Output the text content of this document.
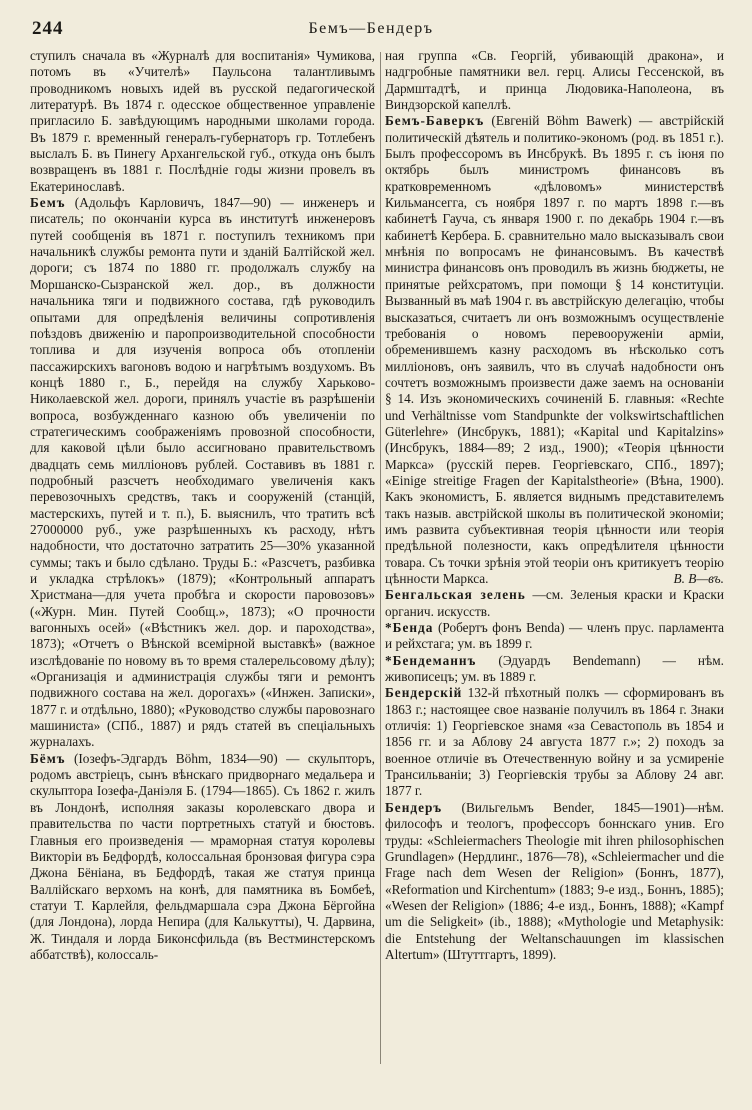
244	Бемъ—Бендеръ

ступилъ сначала въ «Журналѣ для воспитанія» Чумикова, потомъ въ «Учителѣ» Паульсона талантливымъ проводникомъ новыхъ идей въ русской педагогической литературѣ. Въ 1874 г. одесское общественное управленіе пригласило Б. завѣдующимъ народными школами города. Въ 1879 г. временный генералъ-губернаторъ гр. Тотлебенъ выслалъ Б. въ Пинегу Архангельской губ., откуда онъ былъ возвращенъ въ 1881 г. Послѣдніе годы жизни провелъ въ Екатеринославѣ.

Бемъ (Адольфъ Карловичъ, 1847—90) — инженеръ и писатель; по окончаніи курса въ институтѣ инженеровъ путей сообщенія въ 1871 г. поступилъ техникомъ при начальникѣ службы ремонта пути и зданій Балтійской жел. дороги; съ 1874 по 1880 гг. продолжалъ службу на Моршанско-Сызранской жел. дор., въ должности начальника тяги и подвижного состава, гдѣ руководилъ опытами для опредѣленія величины сопротивленія поѣздовъ движенію и паропроизводительной способности топлива и для изученія вопроса объ отопленіи пассажирскихъ вагоновъ водою и нагрѣтымъ воздухомъ. Въ концѣ 1880 г., Б., перейдя на службу Харьково-Николаевской жел. дороги, принялъ участіе въ разрѣшеніи вопроса, возбужденнаго казною объ увеличеніи по стратегическимъ соображеніямъ провозной способности, для каковой цѣли было ассигновано правительствомъ двадцать семь милліоновъ рублей. Составивъ въ 1881 г. подробный разсчетъ необходимаго увеличенія какъ перевозочныхъ средствъ, такъ и сооруженій (станцій, мастерскихъ, путей и т. п.), Б. выяснилъ, что тратить всѣ 27000000 руб., уже разрѣшенныхъ къ расходу, нѣтъ надобности, что достаточно затратить 25—30% указанной суммы; такъ и было сдѣлано. Труды Б.: «Разсчетъ, разбивка и укладка стрѣлокъ» (1879); «Контрольный аппаратъ Христмана—для учета пробѣга и скорости паровозовъ» («Журн. Мин. Путей Сообщ.», 1873); «О прочности вагонныхъ осей» («Вѣстникъ жел. дор. и пароходства», 1873); «Отчетъ о Вѣнской всемірной выставкѣ» (важное изслѣдованіе по новому въ то время сталерельсовому дѣлу); «Организація и администрація службы тяги и ремонтъ подвижного состава на жел. дорогахъ» («Инжен. Записки», 1877 г. и отдѣльно, 1880); «Руководство службы паровознаго машиниста» (СПб., 1887) и рядъ статей въ спеціальныхъ журналахъ.

Бёмъ (Іозефъ-Эдгардъ Böhm, 1834—90) — скульпторъ, родомъ австріецъ, сынъ вѣнскаго придворнаго медальера и скульптора Іозефа-Даніэля Б. (1794—1865). Съ 1862 г. жилъ въ Лондонѣ, исполняя заказы королевскаго двора и правительства по части портретныхъ статуй и бюстовъ. Главныя его произведенія — мраморная статуя королевы Викторіи въ Бедфордѣ, колоссальная бронзовая фигура сэра Джона Бёніана, въ Бедфордѣ, такая же статуя принца Валлійскаго верхомъ на конѣ, для памятника въ Бомбеѣ, статуи Т. Карлейля, фельдмаршала сэра Джона Бёргойна (для Лондона), лорда Непира (для Калькутты), Ч. Дарвина, Ж. Тиндаля и лорда Биконсфильда (въ Вестминстерскомъ аббатствѣ), колоссаль-

ная группа «Св. Георгій, убивающій дракона», и надгробные памятники вел. герц. Алисы Гессенской, въ Дармштадтѣ, и принца Людовика-Наполеона, въ Виндзорской капеллѣ.

Бемъ-Баверкъ (Евгеній Böhm Bawerk) — австрійскій политическій дѣятель и политико-экономъ (род. въ 1851 г.). Былъ профессоромъ въ Инсбрукѣ. Въ 1895 г. съ іюня по октябрь былъ министромъ финансовъ въ кратковременномъ «дѣловомъ» министерствѣ Кильмансегга, съ ноября 1897 г. по мартъ 1898 г.—въ кабинетѣ Гауча, съ января 1900 г. по декабрь 1904 г.—въ кабинетѣ Кербера. Б. сравнительно мало высказывалъ свои мнѣнія по вопросамъ не финансовымъ. Въ качествѣ министра финансовъ онъ проводилъ въ жизнь бюджеты, не принятые рейхсратомъ, при помощи § 14 конституціи. Вызванный въ маѣ 1904 г. въ австрійскую делегацію, чтобы высказаться, считаетъ ли онъ возможнымъ осуществленіе требованія о новомъ перевооруженіи арміи, обременившемъ казну расходомъ въ нѣсколько сотъ милліоновъ, онъ заявилъ, что въ случаѣ надобности онъ сочтетъ возможнымъ произвести даже заемъ на основаніи § 14. Изъ экономическихъ сочиненій Б. главныя: «Rechte und Verhältnisse vom Standpunkte der volkswirtschaftlichen Güterlehre» (Инсбрукъ, 1881); «Kapital und Kapitalzins» (Инсбрукъ, 1884—89; 2 изд., 1900); «Теорія цѣнности Маркса» (русскій перев. Георгіевскаго, СПб., 1897); «Einige streitige Fragen der Kapitalstheorie» (Вѣна, 1900). Какъ экономистъ, Б. является виднымъ представителемъ такъ назыв. австрійской школы въ политической экономіи; имъ развита субъективная теорія цѣнности или теорія предѣльной полезности, какъ опредѣлителя цѣнности товара. Съ точки зрѣнія этой теоріи онъ критикуетъ теорію цѣнности Маркса.	В. В—въ.

Бенгальская зелень —см. Зеленыя краски и Краски органич. искусств.

*Бенда (Робертъ фонъ Benda) — членъ прус. парламента и рейхстага; ум. въ 1899 г.

*Бендеманнъ (Эдуардъ Bendemann) — нѣм. живописецъ; ум. въ 1889 г.

Бендерскій 132-й пѣхотный полкъ — сформированъ въ 1863 г.; настоящее свое названіе получилъ въ 1864 г. Знаки отличія: 1) Георгіевское знамя «за Севастополь въ 1854 и 1856 гг. и за Аблову 24 августа 1877 г.»; 2) походъ за военное отличіе въ Отечественную войну и за усмиреніе Трансильваніи; 3) Георгіевскія трубы за Аблову 24 авг. 1877 г.

Бендеръ (Вильгельмъ Bender, 1845—1901)—нѣм. философъ и теологъ, профессоръ боннскаго унив. Его труды: «Schleiermachers Theologie mit ihren philosophischen Grundlagen» (Нердлинг., 1876—78), «Schleiermacher und die Frage nach dem Wesen der Religion» (Боннъ, 1877), «Reformation und Kirchentum» (1883; 9-е изд., Боннъ, 1885); «Wesen der Religion» (1886; 4-е изд., Боннъ, 1888); «Kampf um die Seligkeit» (ib., 1888); «Mythologie und Metaphysik: die Entstehung der Weltanschauungen im klassischen Altertum» (Штуттгартъ, 1899).
